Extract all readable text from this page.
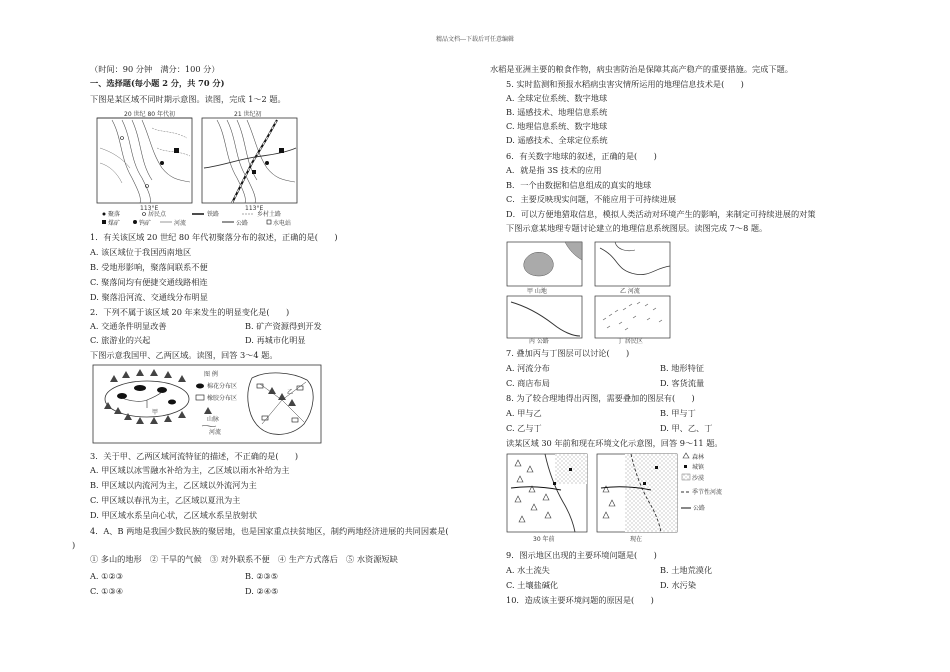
精品文档---下载后可任意编辑
（时间：90 分钟　满分：100 分）
一、选择题(每小题 2 分，共 70 分)
下图是某区域不同时期示意图。读图，完成 1～2 题。
20 世纪 80 年代初
113°E
21 世纪初
113°E
聚落	居民点	铁路
煤矿	钨矿	河流	公路
乡村土路
水电站
1．有关该区域 20 世纪 80 年代初聚落分布的叙述，正确的是(　　)
A. 该区域位于我国西南地区
B. 受地形影响，聚落间联系不便
C. 聚落间均有便捷交通线路相连
D. 聚落沿河流、交通线分布明显
2．下列不属于该区域 20 年来发生的明显变化是(　　)
A. 交通条件明显改善	B. 矿产资源得到开发
C. 旅游业的兴起	D. 再城市化明显
下图示意我国甲、乙两区域。读图，回答 3～4 题。
甲
图 例
棉花分布区
橡胶分布区
山脉
河流
乙
3．关于甲、乙两区域河流特征的描述，不正确的是(　　)
A. 甲区域以冰雪融水补给为主，乙区域以雨水补给为主
B. 甲区域以内流河为主，乙区域以外流河为主
C. 甲区域以春汛为主，乙区域以夏汛为主
D. 甲区域水系呈向心状，乙区域水系呈放射状
4．A、B 两地是我国少数民族的聚居地，也是国家重点扶贫地区，制约两地经济进展的共同因素是(
)
① 多山的地形　② 干旱的气候　③ 对外联系不便　④ 生产方式落后　⑤ 水资源短缺
A. ①②③	B. ②③⑤
C. ①③④	D. ②④⑤
水稻是亚洲主要的粮食作物，病虫害防治是保障其高产稳产的重要措施。完成下题。
5. 实时监测和预报水稻病虫害灾情所运用的地理信息技术是(　　)
A. 全球定位系统、数字地球
B. 遥感技术、地理信息系统
C. 地理信息系统、数字地球
D. 遥感技术、全球定位系统
6．有关数字地球的叙述，正确的是(　　)
A．就是指 3S 技术的应用
B．一个由数据和信息组成的真实的地球
C．主要反映现实问题，不能应用于可持续进展
D．可以方便地猎取信息，模拟人类活动对环境产生的影响，来制定可持续进展的对策
下图示意某地理专题讨论建立的地理信息系统图层。读图完成 7～8 题。
甲 山地	乙 河流
丙 公路	丁 居民区
7. 叠加丙与丁图层可以讨论(　　)
A. 河流分布	B. 地形特征
C. 商店布局	D. 客货流量
8. 为了较合理地得出丙图，需要叠加的图层有(　　)
A. 甲与乙	B. 甲与丁
C. 乙与丁	D. 甲、乙、丁
读某区域 30 年前和现在环境文化示意图，回答 9～11 题。
30 年前	现在
森林
城镇
沙漠
季节性河流
公路
9．图示地区出现的主要环境问题是(　　)
A. 水土流失	B. 土地荒漠化
C. 土壤盐碱化	D. 水污染
10．造成该主要环境问题的原因是(　　)
